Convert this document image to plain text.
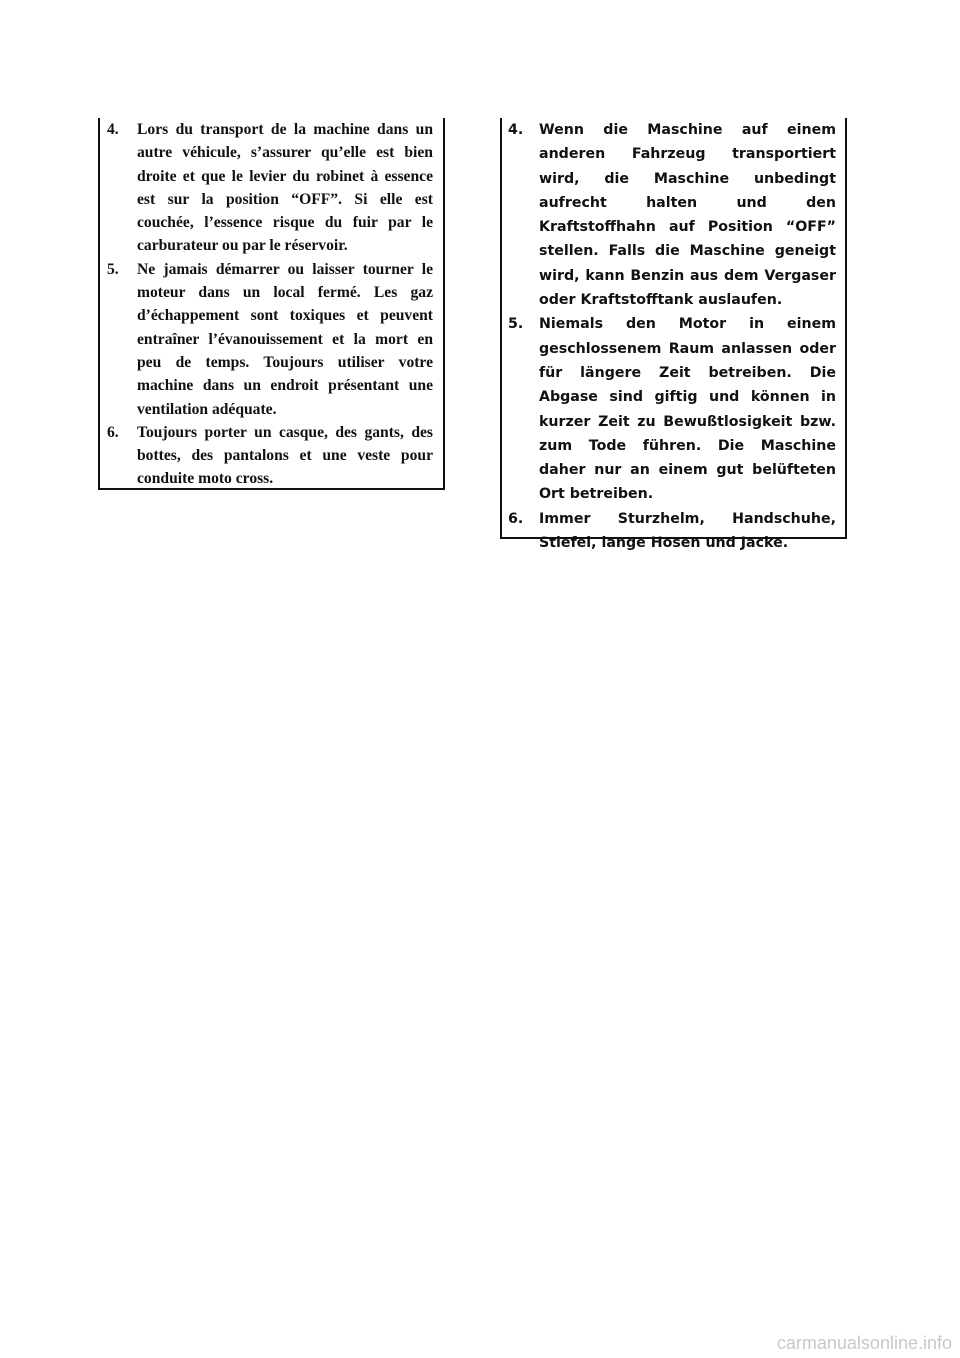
4. Lors du transport de la machine dans un autre véhicule, s’assurer qu’elle est bien droite et que le levier du robinet à essence est sur la position “OFF”. Si elle est couchée, l’essence risque du fuir par le carburateur ou par le réservoir.
5. Ne jamais démarrer ou laisser tourner le moteur dans un local fermé. Les gaz d’échappement sont toxiques et peuvent entraîner l’évanouissement et la mort en peu de temps. Toujours utiliser votre machine dans un endroit présentant une ventilation adéquate.
6. Toujours porter un casque, des gants, des bottes, des pantalons et une veste pour conduite moto cross.
4. Wenn die Maschine auf einem anderen Fahrzeug transportiert wird, die Maschine unbedingt aufrecht halten und den Kraftstoffhahn auf Position “OFF” stellen. Falls die Maschine geneigt wird, kann Benzin aus dem Vergaser oder Kraftstofftank auslaufen.
5. Niemals den Motor in einem geschlossenem Raum anlassen oder für längere Zeit betreiben. Die Abgase sind giftig und können in kurzer Zeit zu Bewußtlosigkeit bzw. zum Tode führen. Die Maschine daher nur an einem gut belüfteten Ort betreiben.
6. Immer Sturzhelm, Handschuhe, Stiefel, lange Hosen und Jacke.
carmanualsonline.info
